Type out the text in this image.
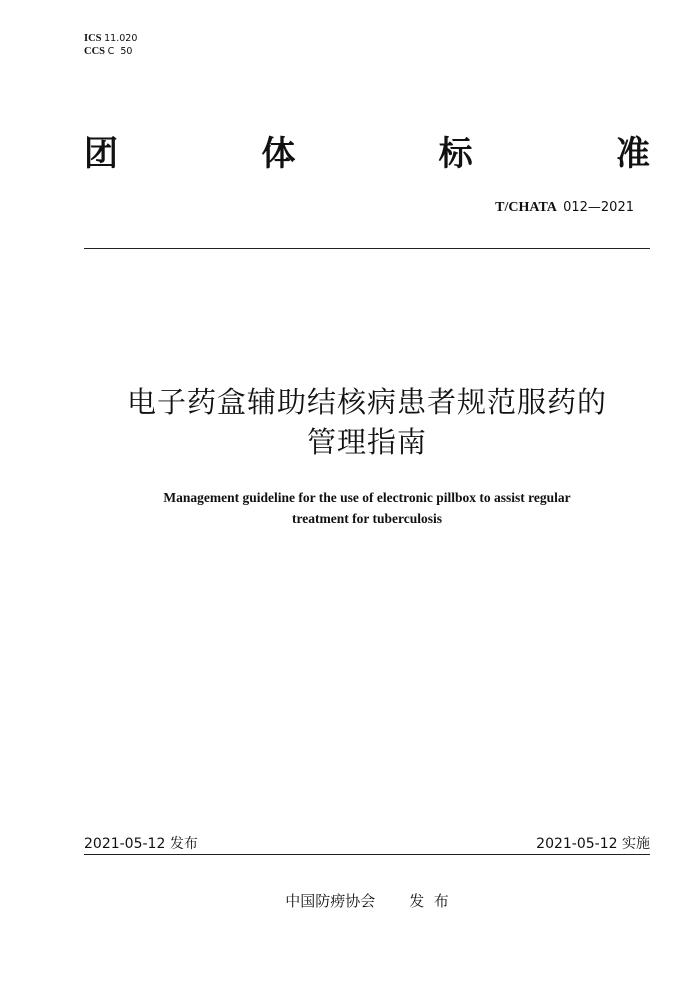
ICS 11.020
CCS C  50
团	体	标	准
T/CHATA 012—2021
电子药盒辅助结核病患者规范服药的
管理指南
Management guideline for the use of electronic pillbox to assist regular
treatment for tuberculosis
2021-05-12 发布	2021-05-12 实施
中国防痨协会 发  布
